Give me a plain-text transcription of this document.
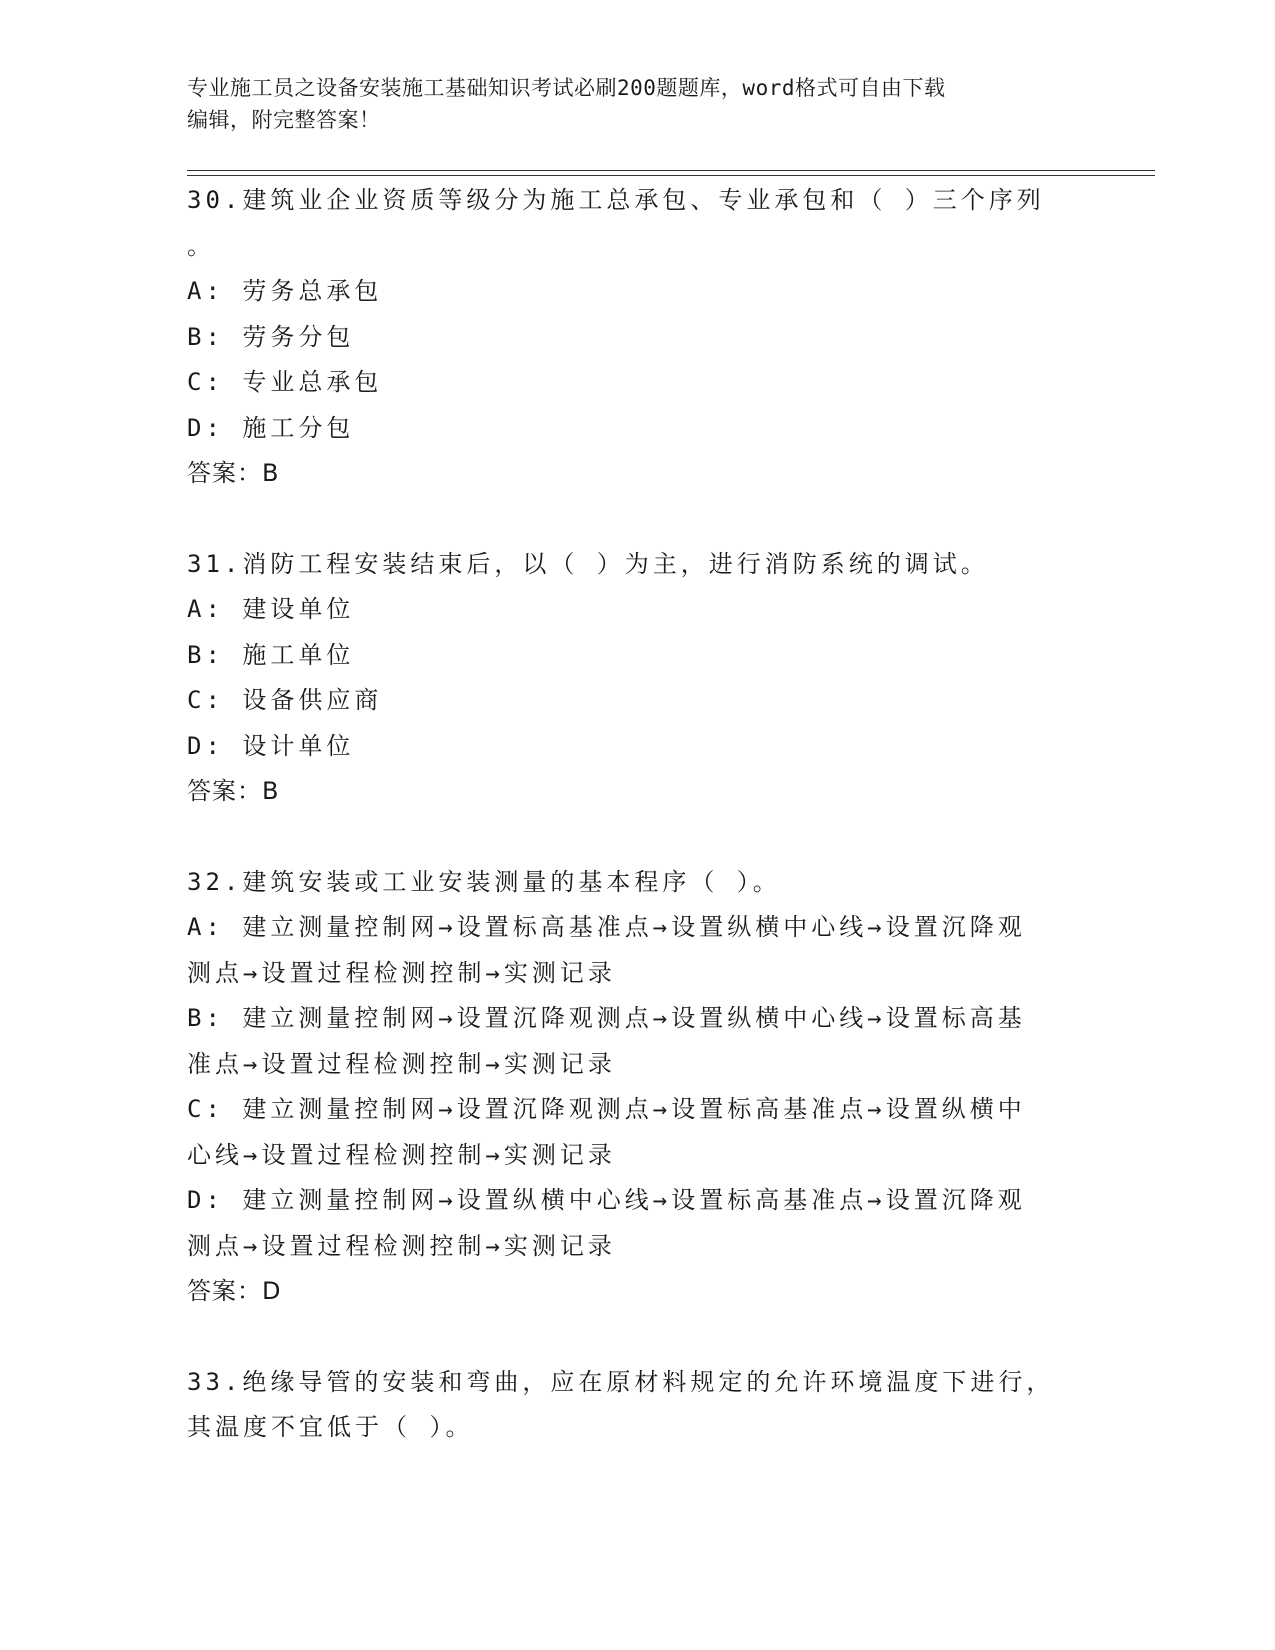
专业施工员之设备安装施工基础知识考试必刷200题题库，word格式可自由下载
编辑，附完整答案！
30.建筑业企业资质等级分为施工总承包、专业承包和（ ）三个序列
。
A: 劳务总承包
B: 劳务分包
C: 专业总承包
D: 施工分包
答案：B
31.消防工程安装结束后，以（ ）为主，进行消防系统的调试。
A: 建设单位
B: 施工单位
C: 设备供应商
D: 设计单位
答案：B
32.建筑安装或工业安装测量的基本程序（ ）。
A: 建立测量控制网→设置标高基准点→设置纵横中心线→设置沉降观
测点→设置过程检测控制→实测记录
B: 建立测量控制网→设置沉降观测点→设置纵横中心线→设置标高基
准点→设置过程检测控制→实测记录
C: 建立测量控制网→设置沉降观测点→设置标高基准点→设置纵横中
心线→设置过程检测控制→实测记录
D: 建立测量控制网→设置纵横中心线→设置标高基准点→设置沉降观
测点→设置过程检测控制→实测记录
答案：D
33.绝缘导管的安装和弯曲，应在原材料规定的允许环境温度下进行，
其温度不宜低于（ ）。
